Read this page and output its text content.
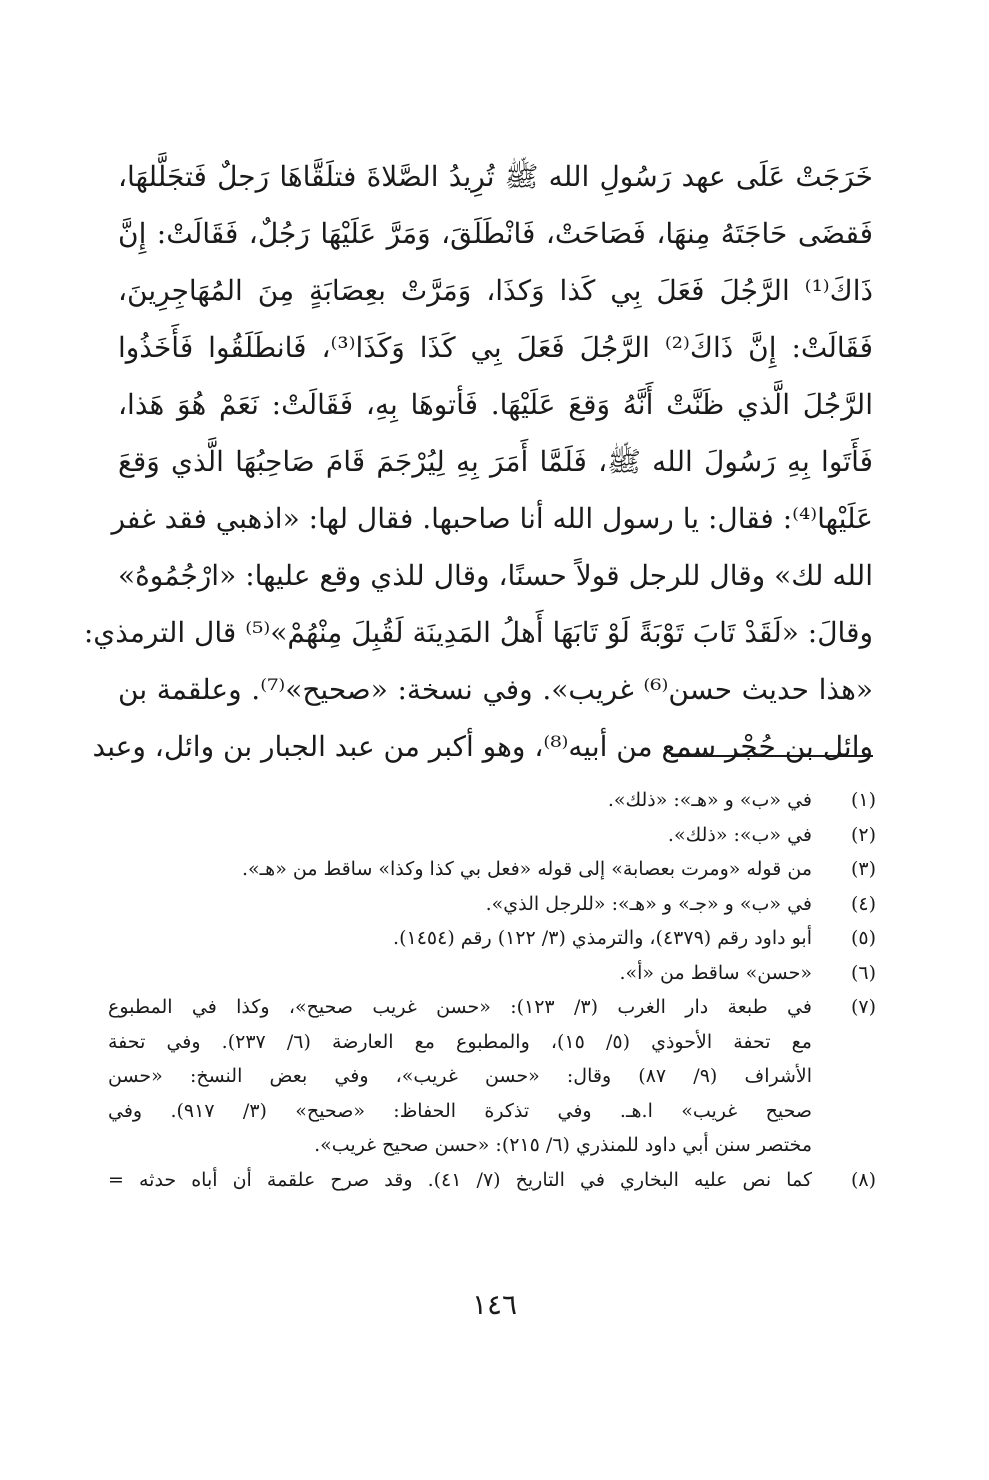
خَرَجَتْ عَلَى عهد رَسُولِ الله ﷺ تُرِيدُ الصَّلاةَ فتلَقَّاهَا رَجلٌ فَتجَلَّلهَا،
فَقضَى حَاجَتَهُ مِنهَا، فَصَاحَتْ، فَانْطَلَقَ، وَمَرَّ عَلَيْهَا رَجُلٌ، فَقَالَتْ: إِنَّ
ذَاكَ⁽¹⁾ الرَّجُلَ فَعَلَ بِي كَذا وَكذَا، وَمَرَّتْ بعِصَابَةٍ مِنَ المُهَاجِرِينَ،
فَقَالَتْ: إِنَّ ذَاكَ⁽²⁾ الرَّجُلَ فَعَلَ بِي كَذَا وَكَذَا⁽³⁾، فَانطَلَقُوا فَأَخَذُوا
الرَّجُلَ الَّذي ظَنَّتْ أَنَّهُ وَقعَ عَلَيْهَا. فَأتوهَا بِهِ، فَقَالَتْ: نَعَمْ هُوَ هَذا،
فَأَتَوا بِهِ رَسُولَ الله ﷺ، فَلَمَّا أَمَرَ بِهِ لِيُرْجَمَ قَامَ صَاحِبُهَا الَّذي وَقعَ
عَلَيْها⁽⁴⁾: فقال: يا رسول الله أنا صاحبها. فقال لها: «اذهبي فقد غفر
الله لك» وقال للرجل قولاً حسنًا، وقال للذي وقع عليها: «ارْجُمُوهُ»
وقالَ: «لَقَدْ تَابَ تَوْبَةً لَوْ تَابَهَا أَهلُ المَدِينَة لَقُبِلَ مِنْهُمْ»⁽⁵⁾ قال الترمذي:
«هذا حديث حسن⁽⁶⁾ غريب». وفي نسخة: «صحيح»⁽⁷⁾. وعلقمة بن
وائل بن حُجْر سمع من أبيه⁽⁸⁾، وهو أكبر من عبد الجبار بن وائل، وعبد
(١)
في «ب» و «هـ»: «ذلك».
(٢)
في «ب»: «ذلك».
(٣)
من قوله «ومرت بعصابة» إلى قوله «فعل بي كذا وكذا» ساقط من «هـ».
(٤)
في «ب» و «جـ» و «هـ»: «للرجل الذي».
(٥)
أبو داود رقم (٤٣٧٩)، والترمذي (٣/ ١٢٢) رقم (١٤٥٤).
(٦)
«حسن» ساقط من «أ».
(٧)
في طبعة دار الغرب (٣/ ١٢٣): «حسن غريب صحيح»، وكذا في المطبوع
مع تحفة الأحوذي (٥/ ١٥)، والمطبوع مع العارضة (٦/ ٢٣٧). وفي تحفة
الأشراف (٩/ ٨٧) وقال: «حسن غريب»، وفي بعض النسخ: «حسن
صحيح غريب» ا.هـ. وفي تذكرة الحفاظ: «صحيح» (٣/ ٩١٧). وفي
مختصر سنن أبي داود للمنذري (٦/ ٢١٥): «حسن صحيح غريب».
(٨)
كما نص عليه البخاري في التاريخ (٧/ ٤١). وقد صرح علقمة أن أباه حدثه =
١٤٦
